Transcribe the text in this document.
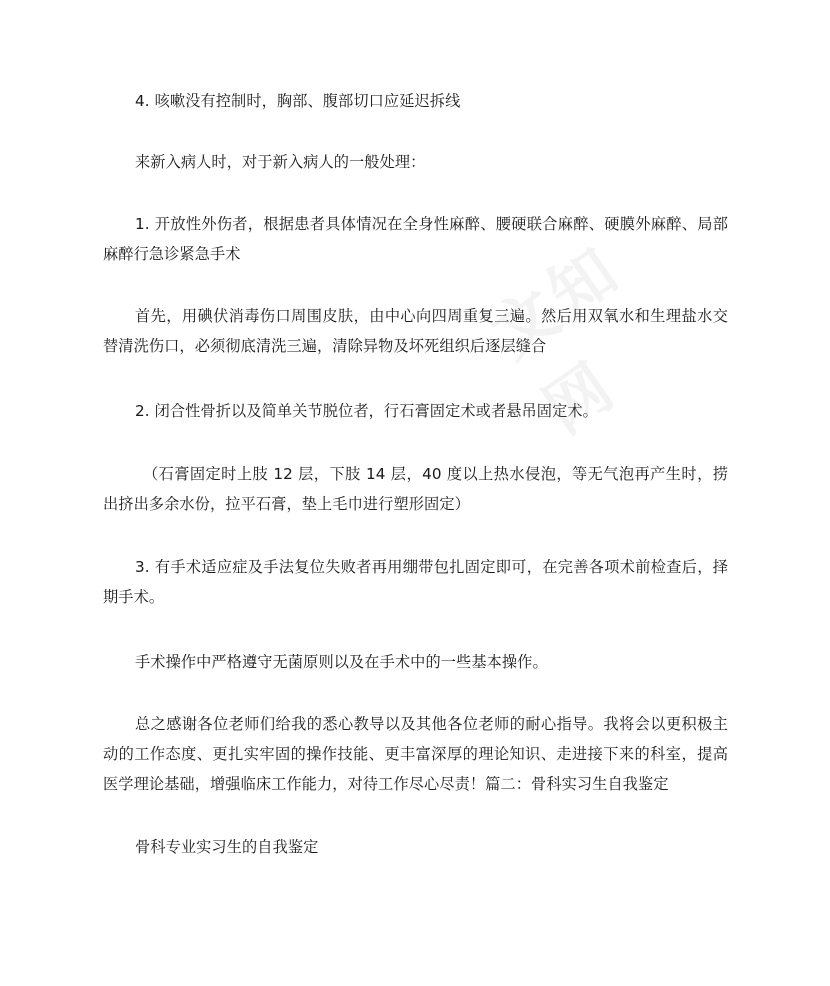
4. 咳嗽没有控制时，胸部、腹部切口应延迟拆线

来新入病人时，对于新入病人的一般处理：

1. 开放性外伤者，根据患者具体情况在全身性麻醉、腰硬联合麻醉、硬膜外麻醉、局部麻醉行急诊紧急手术

首先，用碘伏消毒伤口周围皮肤，由中心向四周重复三遍。然后用双氧水和生理盐水交替清洗伤口，必须彻底清洗三遍，清除异物及坏死组织后逐层缝合

2. 闭合性骨折以及简单关节脱位者，行石膏固定术或者悬吊固定术。

（石膏固定时上肢 12 层，下肢 14 层，40 度以上热水侵泡，等无气泡再产生时，捞出挤出多余水份，拉平石膏，垫上毛巾进行塑形固定）

3. 有手术适应症及手法复位失败者再用绷带包扎固定即可，在完善各项术前检查后，择期手术。

手术操作中严格遵守无菌原则以及在手术中的一些基本操作。

总之感谢各位老师们给我的悉心教导以及其他各位老师的耐心指导。我将会以更积极主动的工作态度、更扎实牢固的操作技能、更丰富深厚的理论知识、走进接下来的科室，提高医学理论基础，增强临床工作能力，对待工作尽心尽责！篇二：骨科实习生自我鉴定

骨科专业实习生的自我鉴定

文知网
